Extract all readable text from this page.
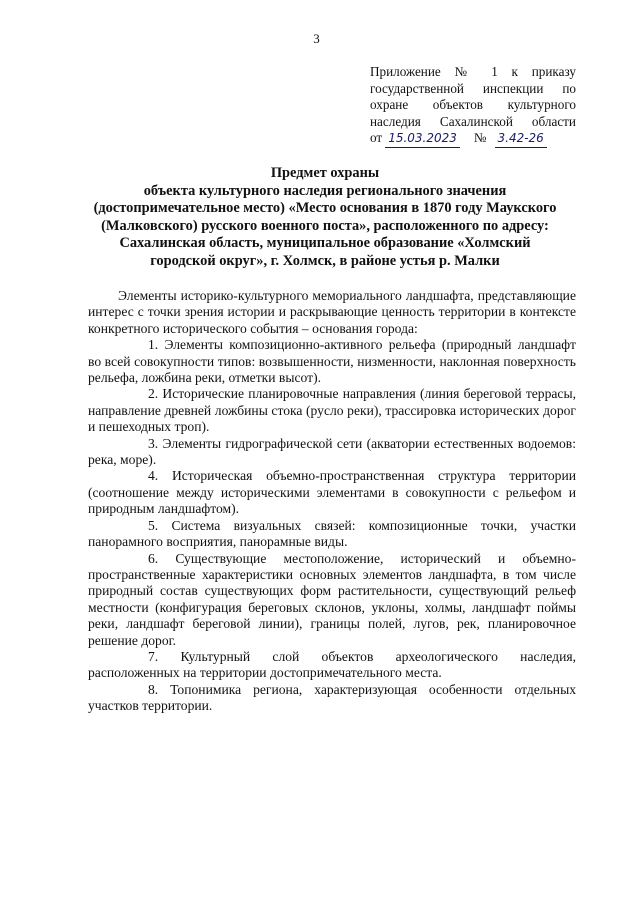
3
Приложение № 1 к приказу
государственной инспекции по
охране объектов культурного
наследия Сахалинской области
от 15.03.2023 № 3.42-26
Предмет охраны
объекта культурного наследия регионального значения
(достопримечательное место) «Место основания в 1870 году Маукского
(Малковского) русского военного поста», расположенного по адресу:
Сахалинская область, муниципальное образование «Холмский
городской округ», г. Холмск, в районе устья р. Малки

Элементы историко-культурного мемориального ландшафта, представляющие интерес с точки зрения истории и раскрывающие ценность территории в контексте конкретного исторического события – основания города:

1. Элементы композиционно-активного рельефа (природный ландшафт во всей совокупности типов: возвышенности, низменности, наклонная поверхность рельефа, ложбина реки, отметки высот).

2. Исторические планировочные направления (линия береговой террасы, направление древней ложбины стока (русло реки), трассировка исторических дорог и пешеходных троп).

3. Элементы гидрографической сети (акватории естественных водоемов: река, море).

4. Историческая объемно-пространственная структура территории (соотношение между историческими элементами в совокупности с рельефом и природным ландшафтом).

5. Система визуальных связей: композиционные точки, участки панорамного восприятия, панорамные виды.

6. Существующие местоположение, исторический и объемно-пространственные характеристики основных элементов ландшафта, в том числе природный состав существующих форм растительности, существующий рельеф местности (конфигурация береговых склонов, уклоны, холмы, ландшафт поймы реки, ландшафт береговой линии), границы полей, лугов, рек, планировочное решение дорог.

7. Культурный слой объектов археологического наследия, расположенных на территории достопримечательного места.

8. Топонимика региона, характеризующая особенности отдельных участков территории.
